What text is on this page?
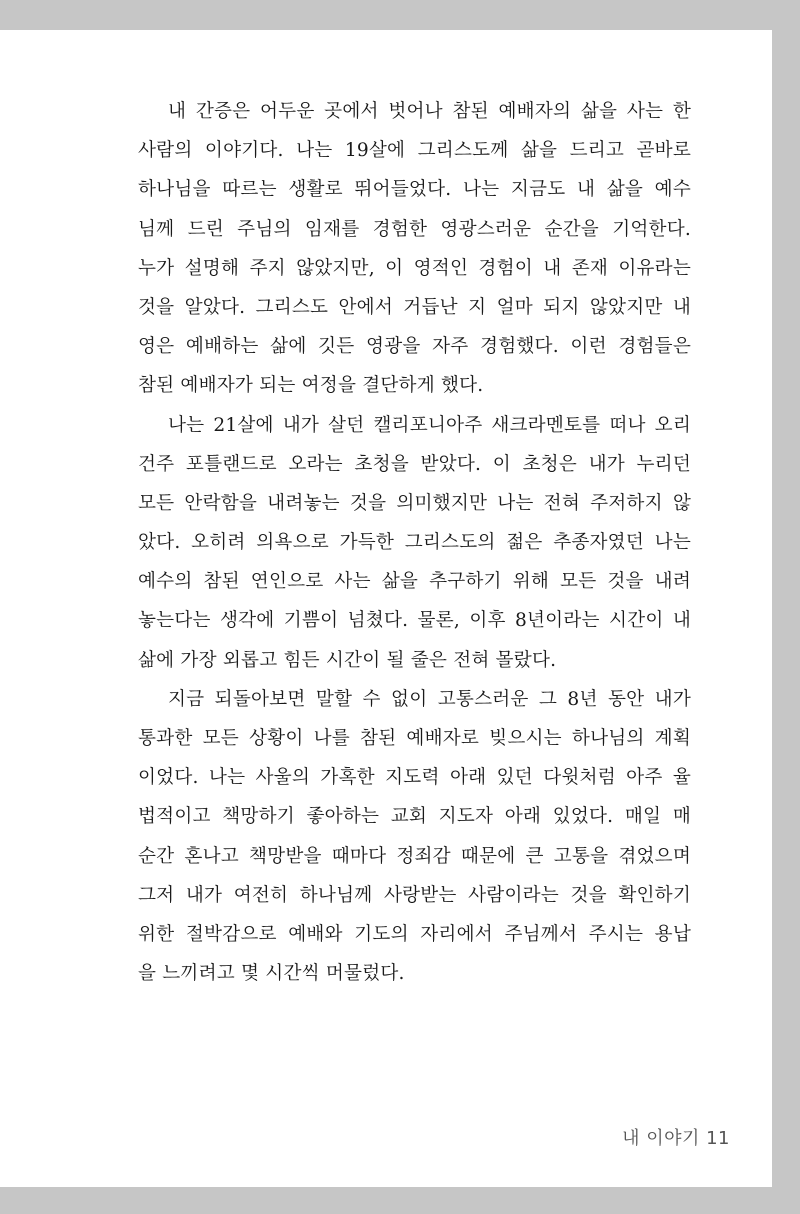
내 간증은 어두운 곳에서 벗어나 참된 예배자의 삶을 사는 한
사람의 이야기다. 나는 19살에 그리스도께 삶을 드리고 곧바로
하나님을 따르는 생활로 뛰어들었다. 나는 지금도 내 삶을 예수
님께 드린 주님의 임재를 경험한 영광스러운 순간을 기억한다.
누가 설명해 주지 않았지만, 이 영적인 경험이 내 존재 이유라는
것을 알았다. 그리스도 안에서 거듭난 지 얼마 되지 않았지만 내
영은 예배하는 삶에 깃든 영광을 자주 경험했다. 이런 경험들은
참된 예배자가 되는 여정을 결단하게 했다.
나는 21살에 내가 살던 캘리포니아주 새크라멘토를 떠나 오리
건주 포틀랜드로 오라는 초청을 받았다. 이 초청은 내가 누리던
모든 안락함을 내려놓는 것을 의미했지만 나는 전혀 주저하지 않
았다. 오히려 의욕으로 가득한 그리스도의 젊은 추종자였던 나는
예수의 참된 연인으로 사는 삶을 추구하기 위해 모든 것을 내려
놓는다는 생각에 기쁨이 넘쳤다. 물론, 이후 8년이라는 시간이 내
삶에 가장 외롭고 힘든 시간이 될 줄은 전혀 몰랐다.
지금 되돌아보면 말할 수 없이 고통스러운 그 8년 동안 내가
통과한 모든 상황이 나를 참된 예배자로 빚으시는 하나님의 계획
이었다. 나는 사울의 가혹한 지도력 아래 있던 다윗처럼 아주 율
법적이고 책망하기 좋아하는 교회 지도자 아래 있었다. 매일 매
순간 혼나고 책망받을 때마다 정죄감 때문에 큰 고통을 겪었으며
그저 내가 여전히 하나님께 사랑받는 사람이라는 것을 확인하기
위한 절박감으로 예배와 기도의 자리에서 주님께서 주시는 용납
을 느끼려고 몇 시간씩 머물렀다.
내 이야기 11
